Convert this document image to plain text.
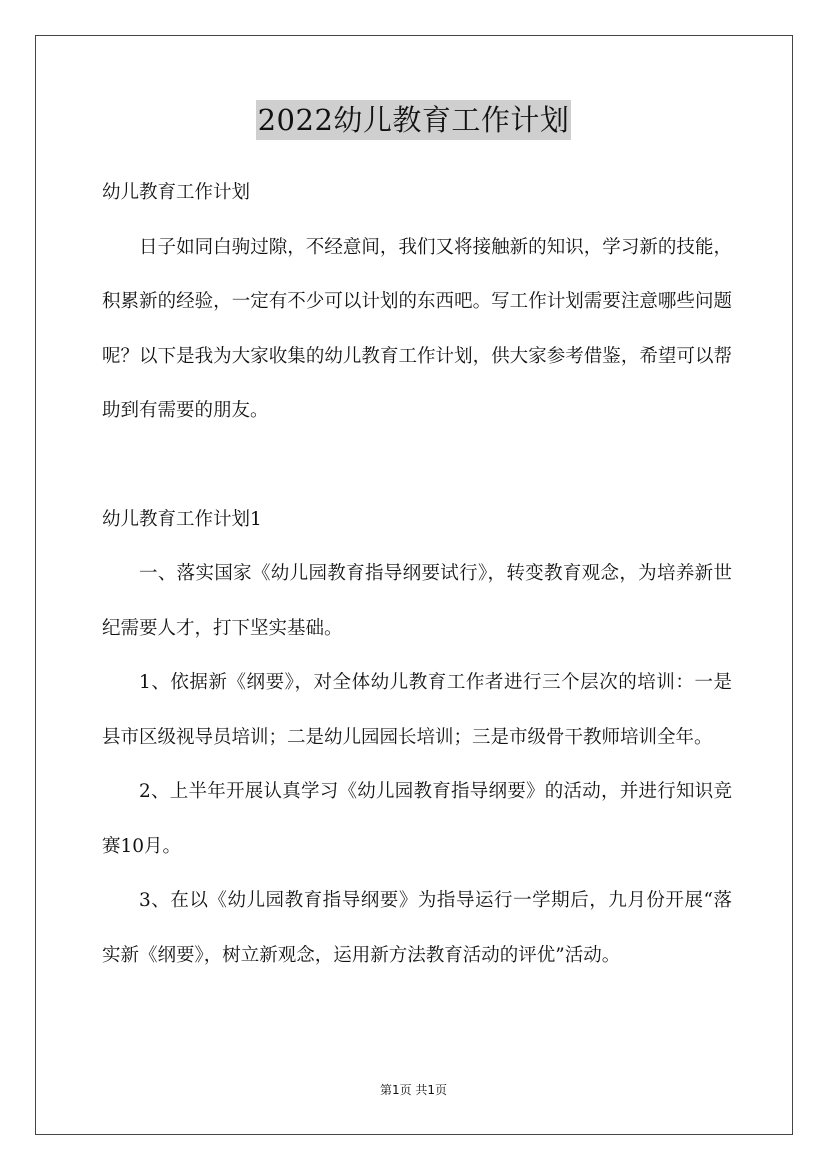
2022幼儿教育工作计划

幼儿教育工作计划

日子如同白驹过隙，不经意间，我们又将接触新的知识，学习新的技能，积累新的经验，一定有不少可以计划的东西吧。写工作计划需要注意哪些问题呢？以下是我为大家收集的幼儿教育工作计划，供大家参考借鉴，希望可以帮助到有需要的朋友。

幼儿教育工作计划1

一、落实国家《幼儿园教育指导纲要试行》，转变教育观念，为培养新世纪需要人才，打下坚实基础。

1、依据新《纲要》，对全体幼儿教育工作者进行三个层次的培训：一是县市区级视导员培训；二是幼儿园园长培训；三是市级骨干教师培训全年。

2、上半年开展认真学习《幼儿园教育指导纲要》的活动，并进行知识竞赛10月。

3、在以《幼儿园教育指导纲要》为指导运行一学期后，九月份开展“落实新《纲要》，树立新观念，运用新方法教育活动的评优”活动。

第1页 共1页
